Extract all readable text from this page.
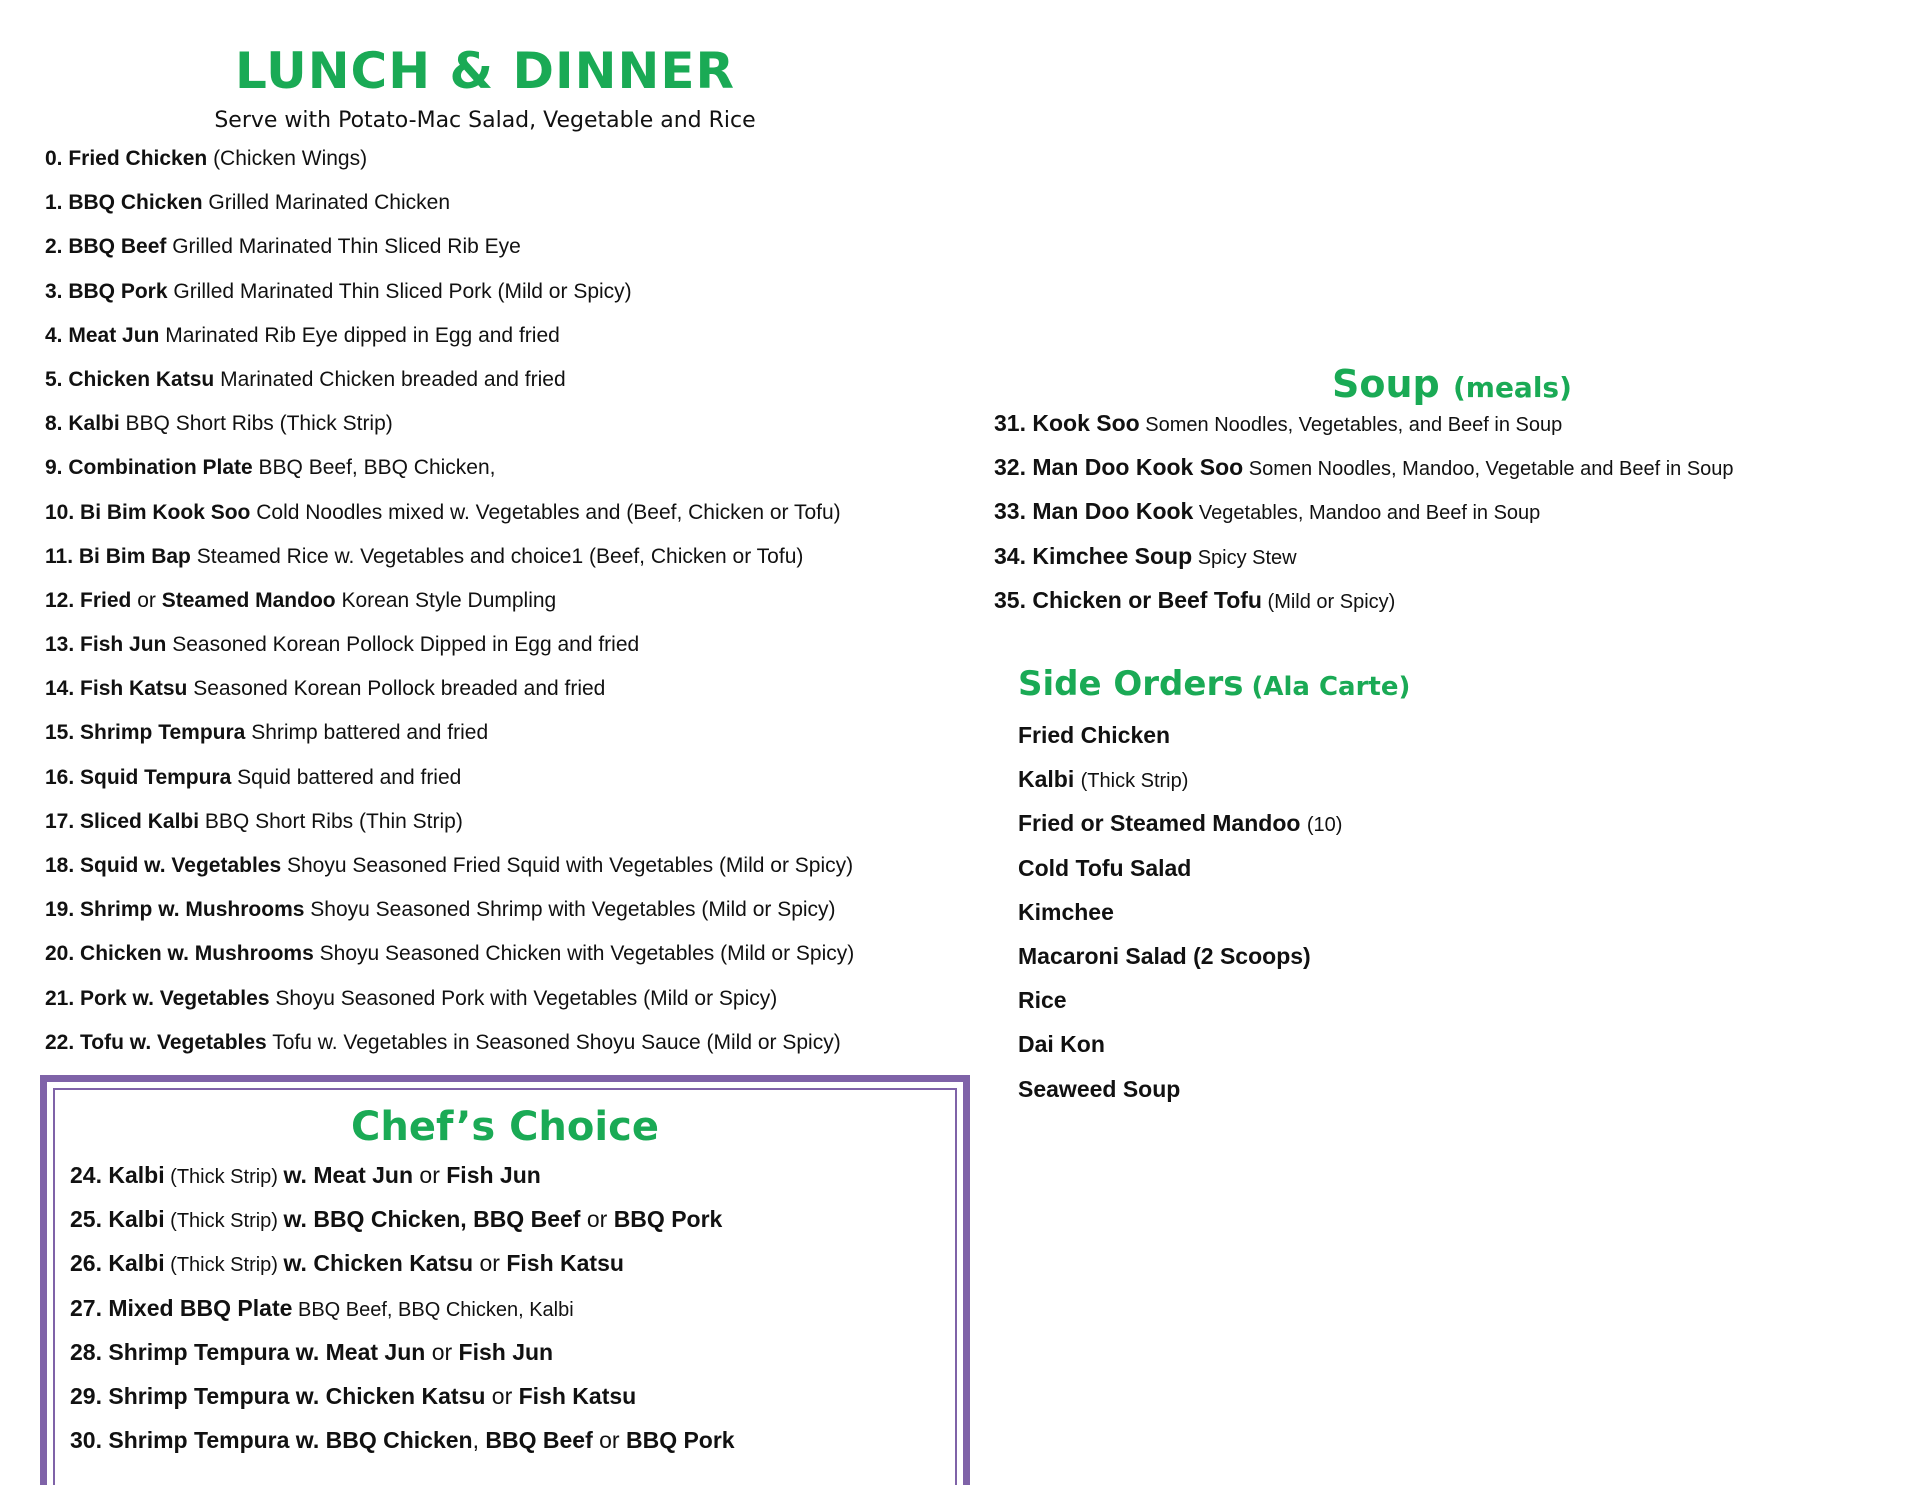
LUNCH & DINNER
Serve with Potato-Mac Salad, Vegetable and Rice
0. Fried Chicken (Chicken Wings)
1. BBQ Chicken Grilled Marinated Chicken
2. BBQ Beef Grilled Marinated Thin Sliced Rib Eye
3. BBQ Pork Grilled Marinated Thin Sliced Pork (Mild or Spicy)
4. Meat Jun Marinated Rib Eye dipped in Egg and fried
5. Chicken Katsu Marinated Chicken breaded and fried
8. Kalbi BBQ Short Ribs (Thick Strip)
9. Combination Plate BBQ Beef, BBQ Chicken,
10. Bi Bim Kook Soo Cold Noodles mixed w. Vegetables and (Beef, Chicken or Tofu)
11. Bi Bim Bap Steamed Rice w. Vegetables and choice1 (Beef, Chicken or Tofu)
12. Fried or Steamed Mandoo Korean Style Dumpling
13. Fish Jun Seasoned Korean Pollock Dipped in Egg and fried
14. Fish Katsu Seasoned Korean Pollock breaded and fried
15. Shrimp Tempura Shrimp battered and fried
16. Squid Tempura Squid battered and fried
17. Sliced Kalbi BBQ Short Ribs (Thin Strip)
18. Squid w. Vegetables Shoyu Seasoned Fried Squid with Vegetables (Mild or Spicy)
19. Shrimp w. Mushrooms Shoyu Seasoned Shrimp with Vegetables (Mild or Spicy)
20. Chicken w. Mushrooms Shoyu Seasoned Chicken with Vegetables (Mild or Spicy)
21. Pork w. Vegetables Shoyu Seasoned Pork with Vegetables (Mild or Spicy)
22. Tofu w. Vegetables Tofu w. Vegetables in Seasoned Shoyu Sauce (Mild or Spicy)
Chef’s Choice
24. Kalbi (Thick Strip) w. Meat Jun or Fish Jun
25. Kalbi (Thick Strip) w. BBQ Chicken, BBQ Beef or BBQ Pork
26. Kalbi (Thick Strip) w. Chicken Katsu or Fish Katsu
27. Mixed BBQ Plate BBQ Beef, BBQ Chicken, Kalbi
28. Shrimp Tempura w. Meat Jun or Fish Jun
29. Shrimp Tempura w. Chicken Katsu or Fish Katsu
30. Shrimp Tempura w. BBQ Chicken, BBQ Beef or BBQ Pork
Soup (meals)
31. Kook Soo Somen Noodles, Vegetables, and Beef in Soup
32. Man Doo Kook Soo Somen Noodles, Mandoo, Vegetable and Beef in Soup
33. Man Doo Kook Vegetables, Mandoo and Beef in Soup
34. Kimchee Soup Spicy Stew
35. Chicken or Beef Tofu (Mild or Spicy)
Side Orders (Ala Carte)
Fried Chicken
Kalbi (Thick Strip)
Fried or Steamed Mandoo (10)
Cold Tofu Salad
Kimchee
Macaroni Salad (2 Scoops)
Rice
Dai Kon
Seaweed Soup
